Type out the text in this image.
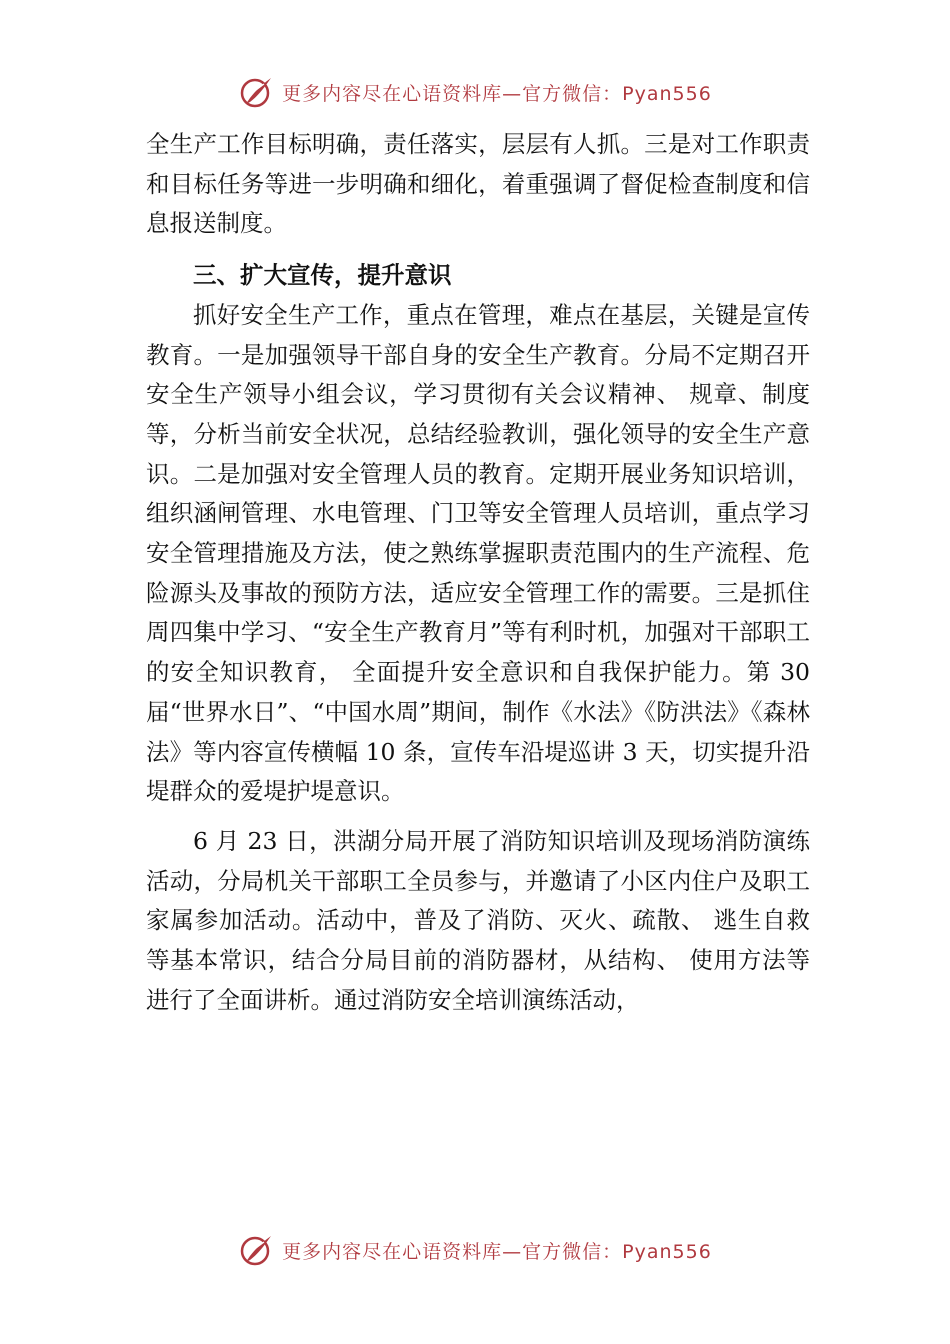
更多内容尽在心语资料库—官方微信：Pyan556

全生产工作目标明确，责任落实，层层有人抓。三是对工作职责和目标任务等进一步明确和细化，着重强调了督促检查制度和信息报送制度。

三、扩大宣传，提升意识

抓好安全生产工作，重点在管理，难点在基层，关键是宣传教育。一是加强领导干部自身的安全生产教育。分局不定期召开安全生产领导小组会议，学习贯彻有关会议精神、 规章、制度等，分析当前安全状况，总结经验教训，强化领导的安全生产意识。二是加强对安全管理人员的教育。定期开展业务知识培训，组织涵闸管理、水电管理、门卫等安全管理人员培训，重点学习安全管理措施及方法，使之熟练掌握职责范围内的生产流程、危险源头及事故的预防方法，适应安全管理工作的需要。三是抓住周四集中学习、“安全生产教育月”等有利时机，加强对干部职工的安全知识教育， 全面提升安全意识和自我保护能力。第 30 届“世界水日”、“中国水周”期间，制作《水法》《防洪法》《森林法》等内容宣传横幅 10 条，宣传车沿堤巡讲 3 天，切实提升沿堤群众的爱堤护堤意识。

6 月 23 日，洪湖分局开展了消防知识培训及现场消防演练活动，分局机关干部职工全员参与，并邀请了小区内住户及职工家属参加活动。活动中，普及了消防、灭火、疏散、 逃生自救等基本常识，结合分局目前的消防器材，从结构、 使用方法等进行了全面讲析。通过消防安全培训演练活动，

更多内容尽在心语资料库—官方微信：Pyan556
